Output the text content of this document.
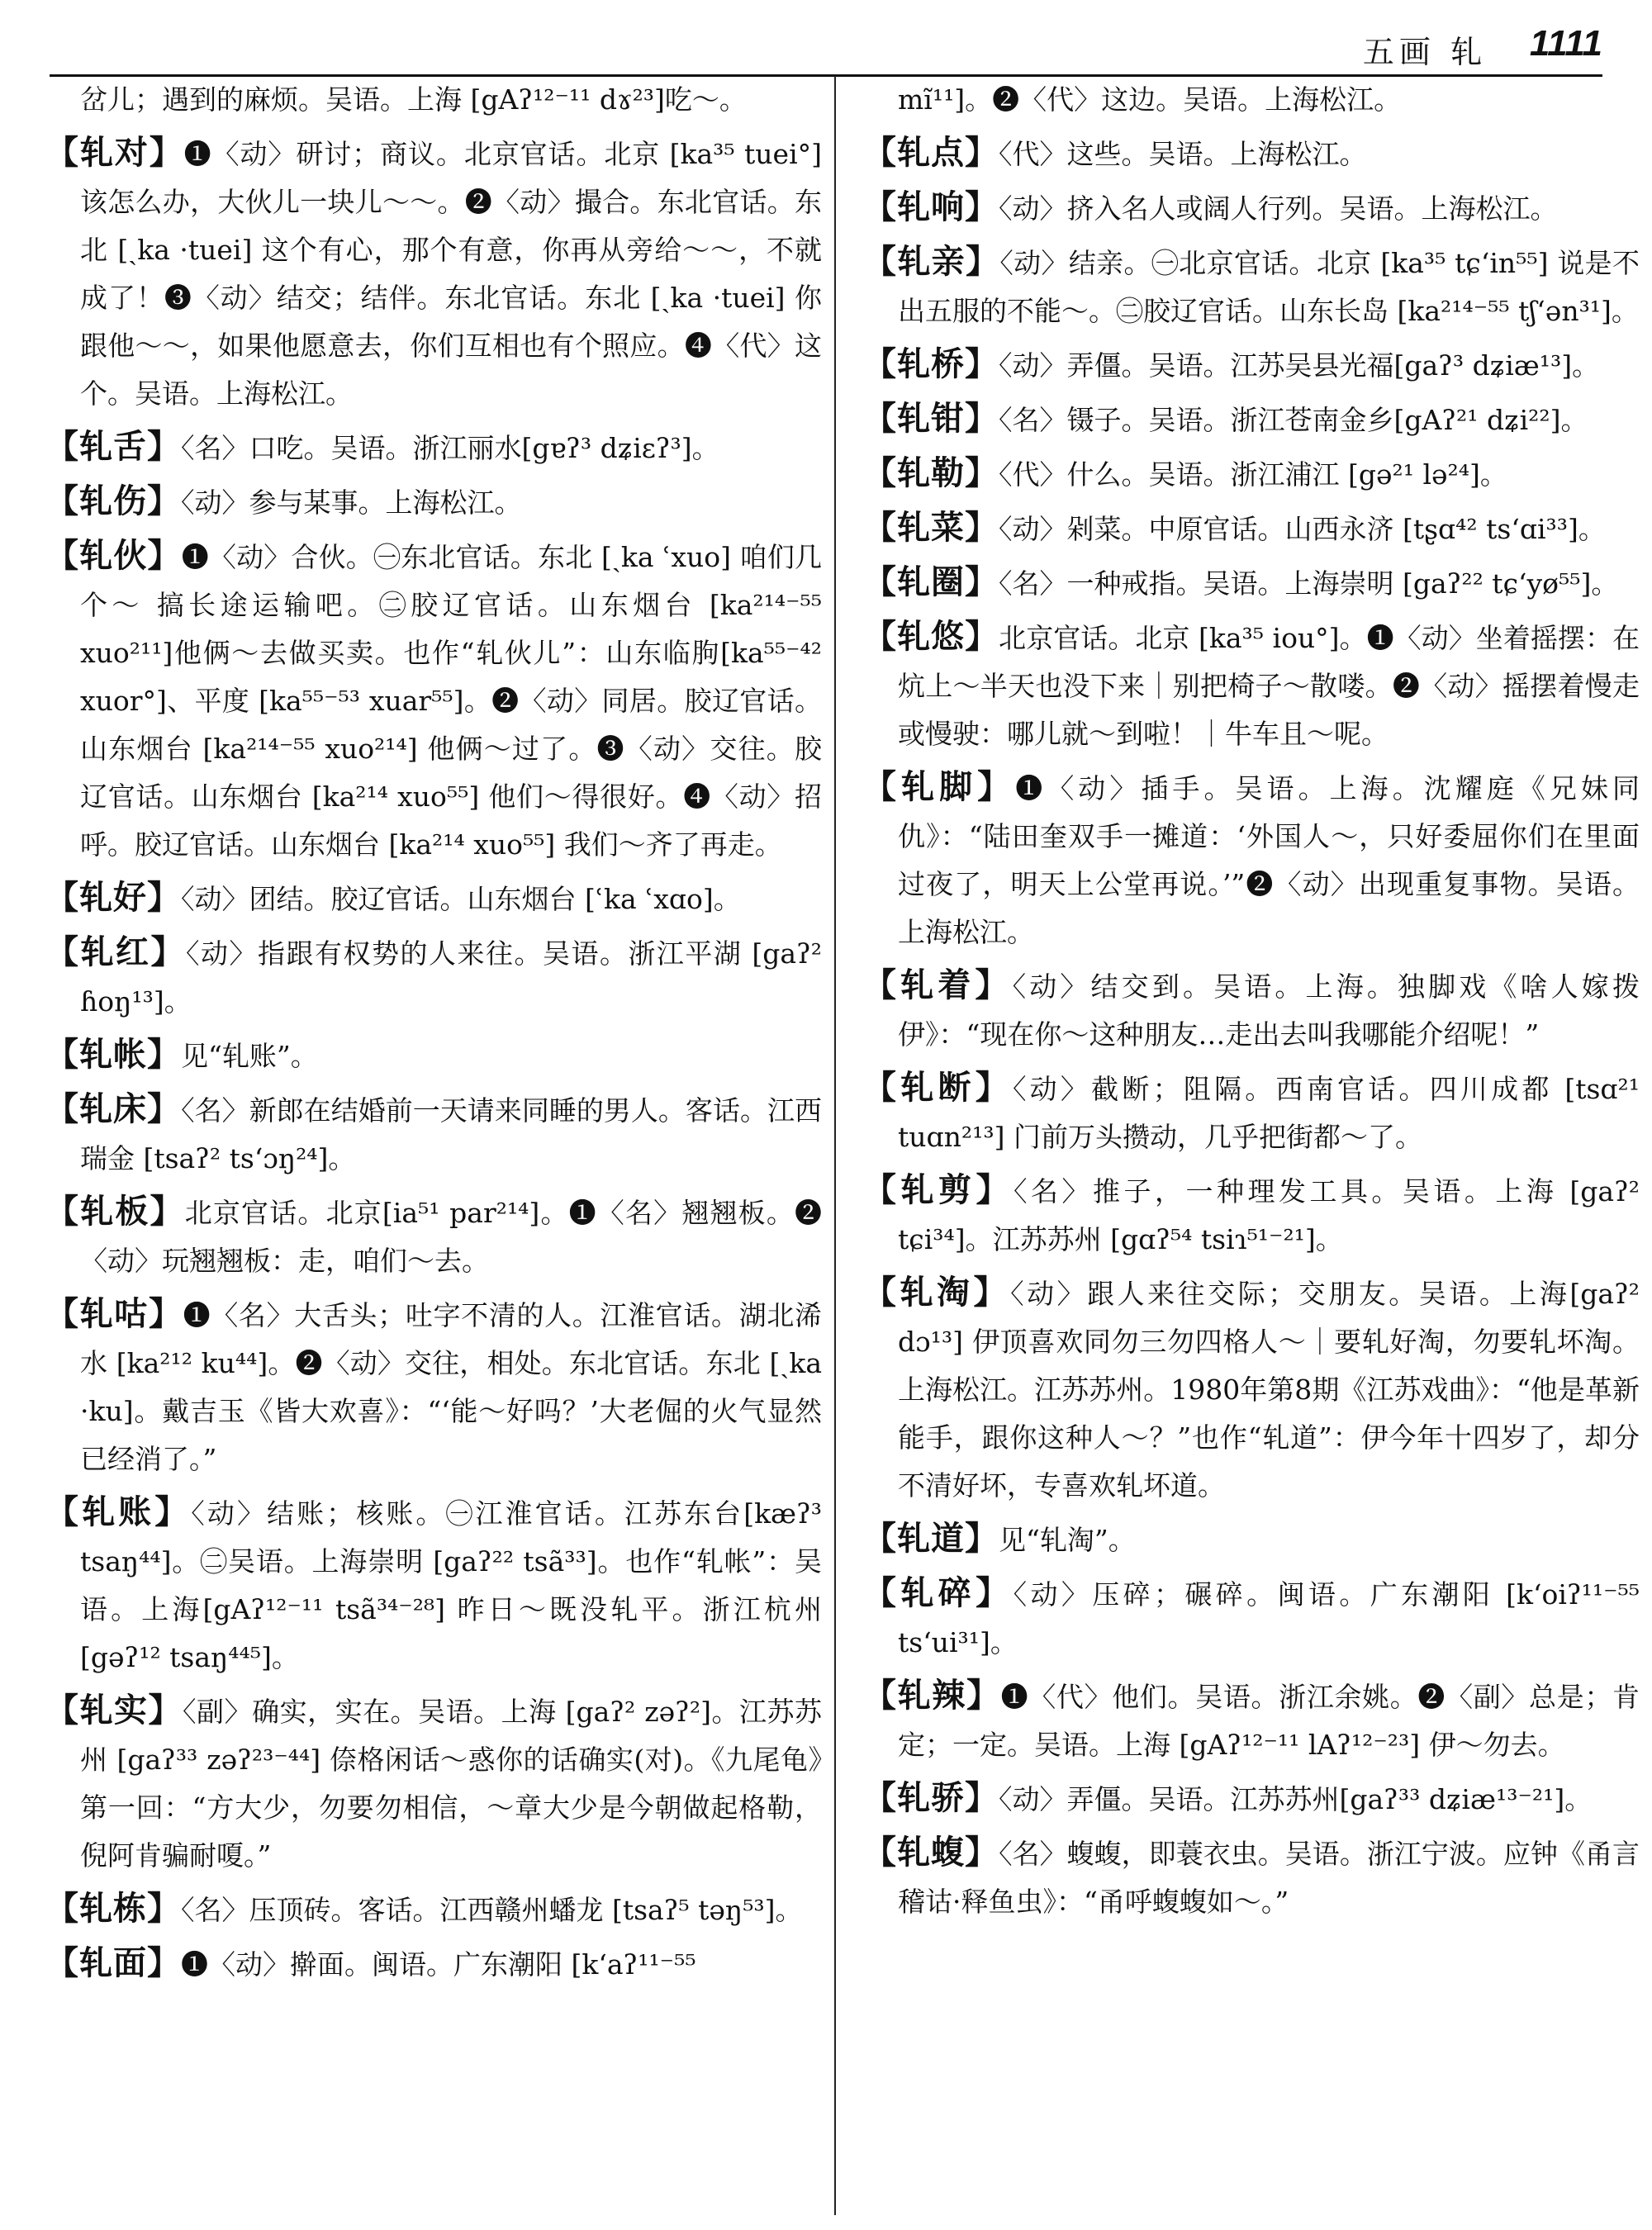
五画 轧 1111
岔儿；遇到的麻烦。吴语。上海 [gAʔ¹²⁻¹¹ dɤ²³]吃～。
【轧对】❶〈动〉研讨；商议。北京官话。北京 [ka³⁵ tuei°] 该怎么办，大伙儿一块儿～～。❷〈动〉撮合。东北官话。东北 [ˏka ·tuei] 这个有心，那个有意，你再从旁给～～，不就成了！❸〈动〉结交；结伴。东北官话。东北 [ˏka ·tuei] 你跟他～～，如果他愿意去，你们互相也有个照应。❹〈代〉这个。吴语。上海松江。
【轧舌】〈名〉口吃。吴语。浙江丽水[gɐʔ³ dʑiɛʔ³]。
【轧伤】〈动〉参与某事。上海松江。
【轧伙】❶〈动〉合伙。㊀东北官话。东北 [ˏka ʿxuo] 咱们几个～ 搞长途运输吧。㊁胶辽官话。山东烟台 [ka²¹⁴⁻⁵⁵ xuo²¹¹]他俩～去做买卖。也作“轧伙儿”：山东临朐[ka⁵⁵⁻⁴² xuor°]、平度 [ka⁵⁵⁻⁵³ xuar⁵⁵]。❷〈动〉同居。胶辽官话。山东烟台 [ka²¹⁴⁻⁵⁵ xuo²¹⁴] 他俩～过了。❸〈动〉交往。胶辽官话。山东烟台 [ka²¹⁴ xuo⁵⁵] 他们～得很好。❹〈动〉招呼。胶辽官话。山东烟台 [ka²¹⁴ xuo⁵⁵] 我们～齐了再走。
【轧好】〈动〉团结。胶辽官话。山东烟台 [ʿka ʿxɑo]。
【轧红】〈动〉指跟有权势的人来往。吴语。浙江平湖 [gaʔ² ɦoŋ¹³]。
【轧帐】见“轧账”。
【轧床】〈名〉新郎在结婚前一天请来同睡的男人。客话。江西瑞金 [tsaʔ² tsʻɔŋ²⁴]。
【轧板】北京官话。北京[ia⁵¹ par²¹⁴]。❶〈名〉翘翘板。❷〈动〉玩翘翘板：走，咱们～去。
【轧咕】❶〈名〉大舌头；吐字不清的人。江淮官话。湖北浠水 [ka²¹² ku⁴⁴]。❷〈动〉交往，相处。东北官话。东北 [ˏka ·ku]。戴吉玉《皆大欢喜》：“‘能～好吗？’大老倔的火气显然已经消了。”
【轧账】〈动〉结账；核账。㊀江淮官话。江苏东台[kæʔ³ tsaŋ⁴⁴]。㊁吴语。上海崇明 [gaʔ²² tsã³³]。也作“轧帐”：吴语。上海[gAʔ¹²⁻¹¹ tsã³⁴⁻²⁸] 昨日～既没轧平。浙江杭州 [gəʔ¹² tsaŋ⁴⁴⁵]。
【轧实】〈副〉确实，实在。吴语。上海 [gaʔ² zəʔ²]。江苏苏州 [gaʔ³³ zəʔ²³⁻⁴⁴] 倷格闲话～惑你的话确实(对)。《九尾龟》第一回：“方大少，勿要勿相信，～章大少是今朝做起格勒，倪阿肯骗耐嗄。”
【轧栋】〈名〉压顶砖。客话。江西赣州蟠龙 [tsaʔ⁵ təŋ⁵³]。
【轧面】❶〈动〉擀面。闽语。广东潮阳 [kʻaʔ¹¹⁻⁵⁵
mĩ¹¹]。❷〈代〉这边。吴语。上海松江。
【轧点】〈代〉这些。吴语。上海松江。
【轧响】〈动〉挤入名人或阔人行列。吴语。上海松江。
【轧亲】〈动〉结亲。㊀北京官话。北京 [ka³⁵ tɕʻin⁵⁵] 说是不出五服的不能～。㊁胶辽官话。山东长岛 [ka²¹⁴⁻⁵⁵ tʃʻən³¹]。
【轧桥】〈动〉弄僵。吴语。江苏吴县光福[gaʔ³ dʑiæ¹³]。
【轧钳】〈名〉镊子。吴语。浙江苍南金乡[gAʔ²¹ dʑi²²]。
【轧勒】〈代〉什么。吴语。浙江浦江 [gə²¹ lə²⁴]。
【轧菜】〈动〉剁菜。中原官话。山西永济 [tʂɑ⁴² tsʻɑi³³]。
【轧圈】〈名〉一种戒指。吴语。上海崇明 [gaʔ²² tɕʻyø⁵⁵]。
【轧悠】北京官话。北京 [ka³⁵ iou°]。❶〈动〉坐着摇摆：在炕上～半天也没下来｜别把椅子～散喽。❷〈动〉摇摆着慢走或慢驶：哪儿就～到啦！｜牛车且～呢。
【轧脚】❶〈动〉插手。吴语。上海。沈耀庭《兄妹同仇》：“陆田奎双手一摊道：‘外国人～，只好委屈你们在里面过夜了，明天上公堂再说。’”❷〈动〉出现重复事物。吴语。上海松江。
【轧着】〈动〉结交到。吴语。上海。独脚戏《啥人嫁拨伊》：“现在你～这种朋友…走出去叫我哪能介绍呢！”
【轧断】〈动〉截断；阻隔。西南官话。四川成都 [tsɑ²¹ tuɑn²¹³] 门前万头攒动，几乎把街都～了。
【轧剪】〈名〉推子，一种理发工具。吴语。上海 [gaʔ² tɕi³⁴]。江苏苏州 [gɑʔ⁵⁴ tsiɿ⁵¹⁻²¹]。
【轧淘】〈动〉跟人来往交际；交朋友。吴语。上海[gaʔ² dɔ¹³] 伊顶喜欢同勿三勿四格人～｜要轧好淘，勿要轧坏淘。上海松江。江苏苏州。1980年第8期《江苏戏曲》：“他是革新能手，跟你这种人～？”也作“轧道”：伊今年十四岁了，却分不清好坏，专喜欢轧坏道。
【轧道】见“轧淘”。
【轧碎】〈动〉压碎；碾碎。闽语。广东潮阳 [kʻoiʔ¹¹⁻⁵⁵ tsʻui³¹]。
【轧辣】❶〈代〉他们。吴语。浙江余姚。❷〈副〉总是；肯定；一定。吴语。上海 [gAʔ¹²⁻¹¹ lAʔ¹²⁻²³] 伊～勿去。
【轧骄】〈动〉弄僵。吴语。江苏苏州[gaʔ³³ dʑiæ¹³⁻²¹]。
【轧蝮】〈名〉蝮蝮，即蓑衣虫。吴语。浙江宁波。应钟《甬言稽诂·释鱼虫》：“甬呼蝮蝮如～。”
